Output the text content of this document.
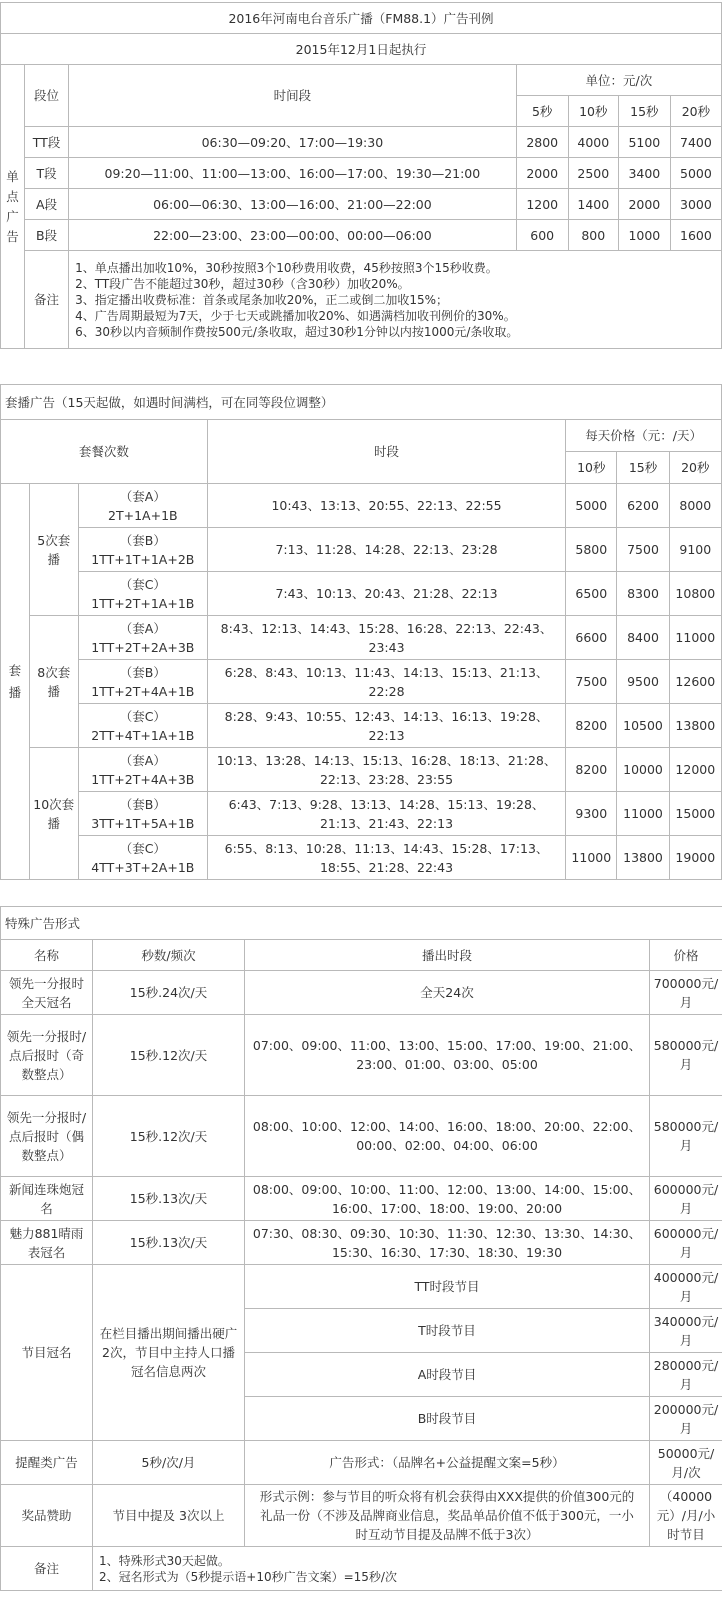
2016年河南电台音乐广播（FM88.1）广告刊例						
2015年12月1日起执行						
单点广告	段位	时间段	单位：元/次			
			5秒	10秒	15秒	20秒
	TT段	06:30—09:20、17:00—19:30	2800	4000	5100	7400
	T段	09:20—11:00、11:00—13:00、16:00—17:00、19:30—21:00	2000	2500	3400	5000
	A段	06:00—06:30、13:00—16:00、21:00—22:00	1200	1400	2000	3000
	B段	22:00—23:00、23:00—00:00、00:00—06:00	600	800	1000	1600
	备注	1、单点播出加收10%，30秒按照3个10秒费用收费，45秒按照3个15秒收费。
2、TT段广告不能超过30秒，超过30秒（含30秒）加收20%。
3、指定播出收费标准：首条或尾条加收20%，正二或倒二加收15%；
4、广告周期最短为7天，少于七天或跳播加收20%、如遇满档加收刊例价的30%。
6、30秒以内音频制作费按500元/条收取，超过30秒1分钟以内按1000元/条收取。				
套播广告（15天起做，如遇时间满档，可在同等段位调整）						
套餐次数			时段	每天价格（元：/天）		
				10秒	15秒	20秒
套播	5次套播	（套A）
2T+1A+1B	10:43、13:13、20:55、22:13、22:55	5000	6200	8000

		（套B）
1TT+1T+1A+2B	7:13、11:28、14:28、22:13、23:28	5800	7500	9100

		（套C）
1TT+2T+1A+1B	7:43、10:13、20:43、21:28、22:13	6500	8300	10800
	8次套播	（套A）
1TT+2T+2A+3B	8:43、12:13、14:43、15:28、16:28、22:13、22:43、23:43	6600	8400	11000

		（套B）
1TT+2T+4A+1B	6:28、8:43、10:13、11:43、14:13、15:13、21:13、22:28	7500	9500	12600

		（套C）
2TT+4T+1A+1B	8:28、9:43、10:55、12:43、14:13、16:13、19:28、22:13	8200	10500	13800
	10次套播	（套A）
1TT+2T+4A+3B	10:13、13:28、14:13、15:13、16:28、18:13、21:28、22:13、23:28、23:55	8200	10000	12000

		（套B）
3TT+1T+5A+1B	6:43、7:13、9:28、13:13、14:28、15:13、19:28、21:13、21:43、22:13	9300	11000	15000

		（套C）
4TT+3T+2A+1B	6:55、8:13、10:28、11:13、14:43、15:28、17:13、18:55、21:28、22:43	11000	13800	19000
特殊广告形式			
名称	秒数/频次	播出时段	价格
领先一分报时全天冠名	15秒.24次/天	全天24次	700000元/月
领先一分报时/点后报时（奇数整点）	15秒.12次/天	07:00、09:00、11:00、13:00、15:00、17:00、19:00、21:00、23:00、01:00、03:00、05:00	580000元/月
领先一分报时/点后报时（偶数整点）	15秒.12次/天	08:00、10:00、12:00、14:00、16:00、18:00、20:00、22:00、00:00、02:00、04:00、06:00	580000元/月
新闻连珠炮冠名	15秒.13次/天	08:00、09:00、10:00、11:00、12:00、13:00、14:00、15:00、16:00、17:00、18:00、19:00、20:00	600000元/月
魅力881晴雨表冠名	15秒.13次/天	07:30、08:30、09:30、10:30、11:30、12:30、13:30、14:30、15:30、16:30、17:30、18:30、19:30	600000元/月
节目冠名	在栏目播出期间播出硬广2次，节目中主持人口播冠名信息两次	TT时段节目	400000元/月
		T时段节目	340000元/月
		A时段节目	280000元/月
		B时段节目	200000元/月
提醒类广告	5秒/次/月	广告形式：（品牌名+公益提醒文案=5秒）	50000元/月/次
奖品赞助	节目中提及 3次以上	形式示例：参与节目的听众将有机会获得由XXX提供的价值300元的礼品一份（不涉及品牌商业信息，奖品单品价值不低于300元，一小时互动节目提及品牌不低于3次）	（40000元）/月/小时节目
备注	1、特殊形式30天起做。
2、冠名形式为（5秒提示语+10秒广告文案）=15秒/次		
